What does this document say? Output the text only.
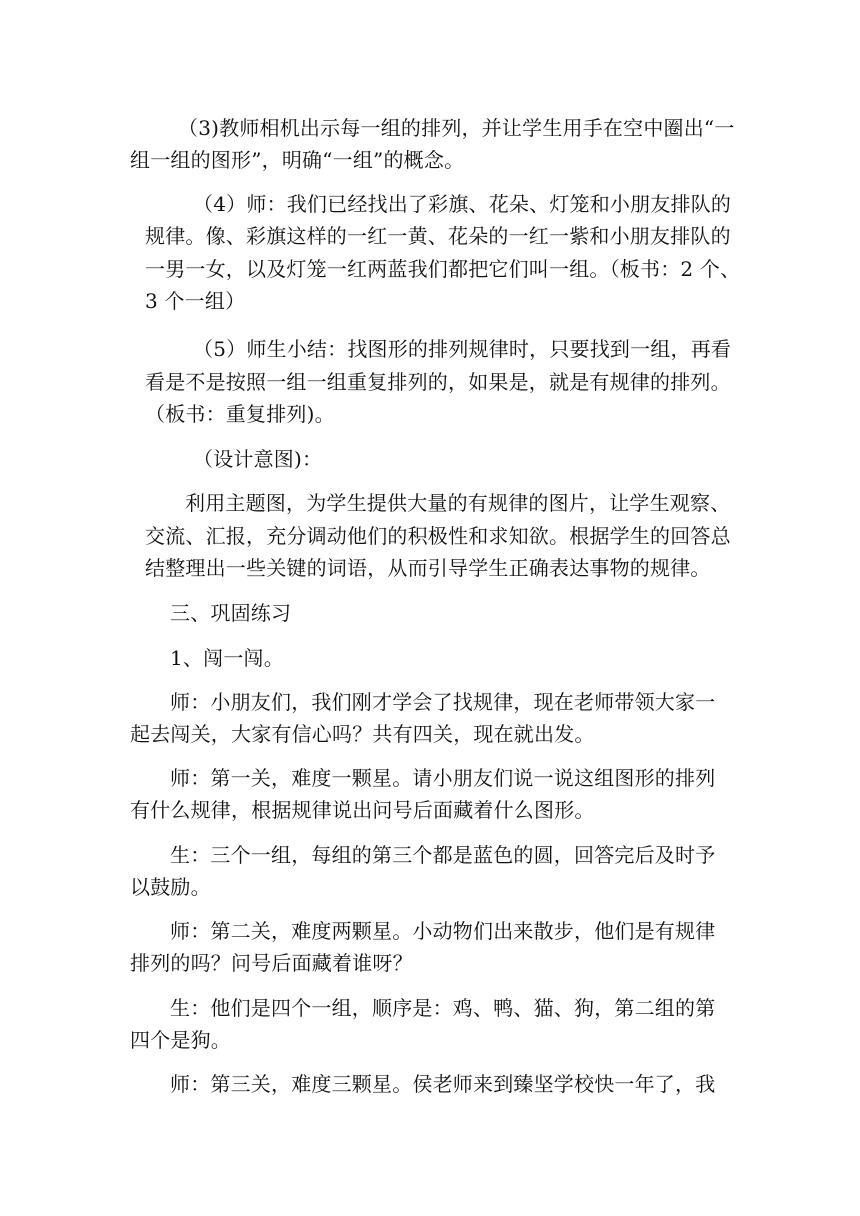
（3)教师相机出示每一组的排列，并让学生用手在空中圈出“一
组一组的图形”，明确“一组”的概念。
（4）师：我们已经找出了彩旗、花朵、灯笼和小朋友排队的
规律。像、彩旗这样的一红一黄、花朵的一红一紫和小朋友排队的
一男一女，以及灯笼一红两蓝我们都把它们叫一组。（板书：2 个、
3 个一组）
（5）师生小结：找图形的排列规律时，只要找到一组，再看
看是不是按照一组一组重复排列的，如果是，就是有规律的排列。
（板书：重复排列)。
（设计意图)：
利用主题图，为学生提供大量的有规律的图片，让学生观察、
交流、汇报，充分调动他们的积极性和求知欲。根据学生的回答总
结整理出一些关键的词语，从而引导学生正确表达事物的规律。
三、巩固练习
1、闯一闯。
师：小朋友们，我们刚才学会了找规律，现在老师带领大家一
起去闯关，大家有信心吗？共有四关，现在就出发。
师：第一关，难度一颗星。请小朋友们说一说这组图形的排列
有什么规律，根据规律说出问号后面藏着什么图形。
生：三个一组，每组的第三个都是蓝色的圆，回答完后及时予
以鼓励。
师：第二关，难度两颗星。小动物们出来散步，他们是有规律
排列的吗？问号后面藏着谁呀？
生：他们是四个一组，顺序是：鸡、鸭、猫、狗，第二组的第
四个是狗。
师：第三关，难度三颗星。侯老师来到臻坚学校快一年了，我
